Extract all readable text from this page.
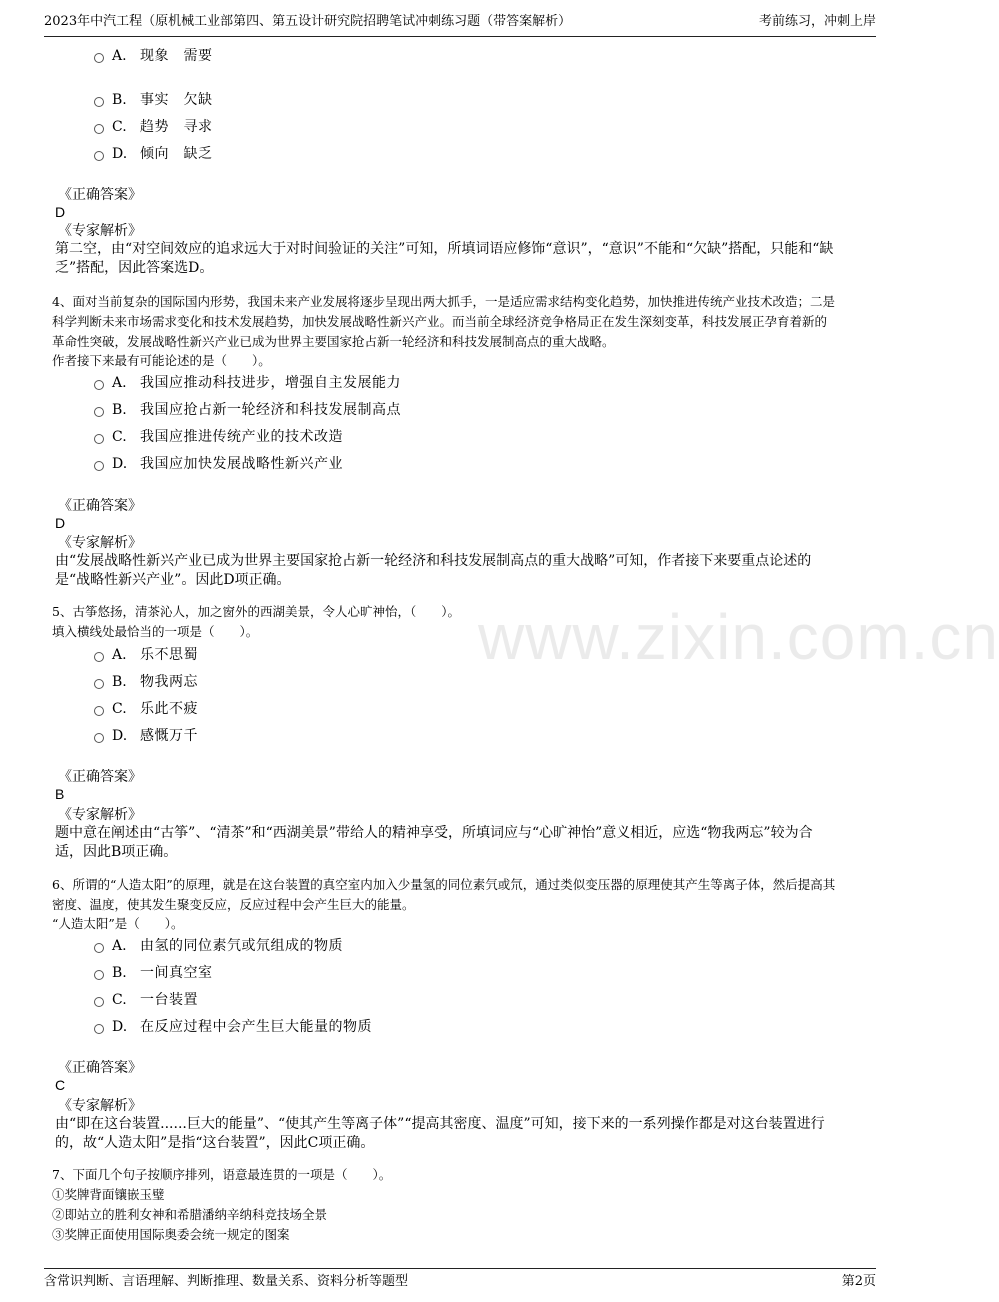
2023年中汽工程（原机械工业部第四、第五设计研究院招聘笔试冲刺练习题（带答案解析）	考前练习，冲刺上岸
www.zixin.com.cn
A. 现象　需要
B. 事实　欠缺
C. 趋势　寻求
D. 倾向　缺乏
《正确答案》
D
《专家解析》
第二空，由“对空间效应的追求远大于对时间验证的关注”可知，所填词语应修饰“意识”，“意识”不能和“欠缺”搭配，只能和“缺
乏”搭配，因此答案选D。
4、面对当前复杂的国际国内形势，我国未来产业发展将逐步呈现出两大抓手，一是适应需求结构变化趋势，加快推进传统产业技术改造；二是
科学判断未来市场需求变化和技术发展趋势，加快发展战略性新兴产业。而当前全球经济竞争格局正在发生深刻变革，科技发展正孕育着新的
革命性突破，发展战略性新兴产业已成为世界主要国家抢占新一轮经济和科技发展制高点的重大战略。
作者接下来最有可能论述的是（　　）。
A. 我国应推动科技进步，增强自主发展能力
B. 我国应抢占新一轮经济和科技发展制高点
C. 我国应推进传统产业的技术改造
D. 我国应加快发展战略性新兴产业
《正确答案》
D
《专家解析》
由“发展战略性新兴产业已成为世界主要国家抢占新一轮经济和科技发展制高点的重大战略”可知，作者接下来要重点论述的
是“战略性新兴产业”。因此D项正确。
5、古筝悠扬，清茶沁人，加之窗外的西湖美景，令人心旷神怡，（　　）。
填入横线处最恰当的一项是（　　）。
A. 乐不思蜀
B. 物我两忘
C. 乐此不疲
D. 感慨万千
《正确答案》
B
《专家解析》
题中意在阐述由“古筝”、“清茶”和“西湖美景”带给人的精神享受，所填词应与“心旷神怡”意义相近，应选“物我两忘”较为合
适，因此B项正确。
6、所谓的“人造太阳”的原理，就是在这台装置的真空室内加入少量氢的同位素氕或氘，通过类似变压器的原理使其产生等离子体，然后提高其
密度、温度，使其发生聚变反应，反应过程中会产生巨大的能量。
“人造太阳”是（　　）。
A. 由氢的同位素氕或氘组成的物质
B. 一间真空室
C. 一台装置
D. 在反应过程中会产生巨大能量的物质
《正确答案》
C
《专家解析》
由“即在这台装置......巨大的能量”、“使其产生等离子体”“提高其密度、温度”可知，接下来的一系列操作都是对这台装置进行
的，故“人造太阳”是指“这台装置”，因此C项正确。
7、下面几个句子按顺序排列，语意最连贯的一项是（　　）。
①奖牌背面镶嵌玉璧
②即站立的胜利女神和希腊潘纳辛纳科竞技场全景
③奖牌正面使用国际奥委会统一规定的图案
含常识判断、言语理解、判断推理、数量关系、资料分析等题型	第2页
